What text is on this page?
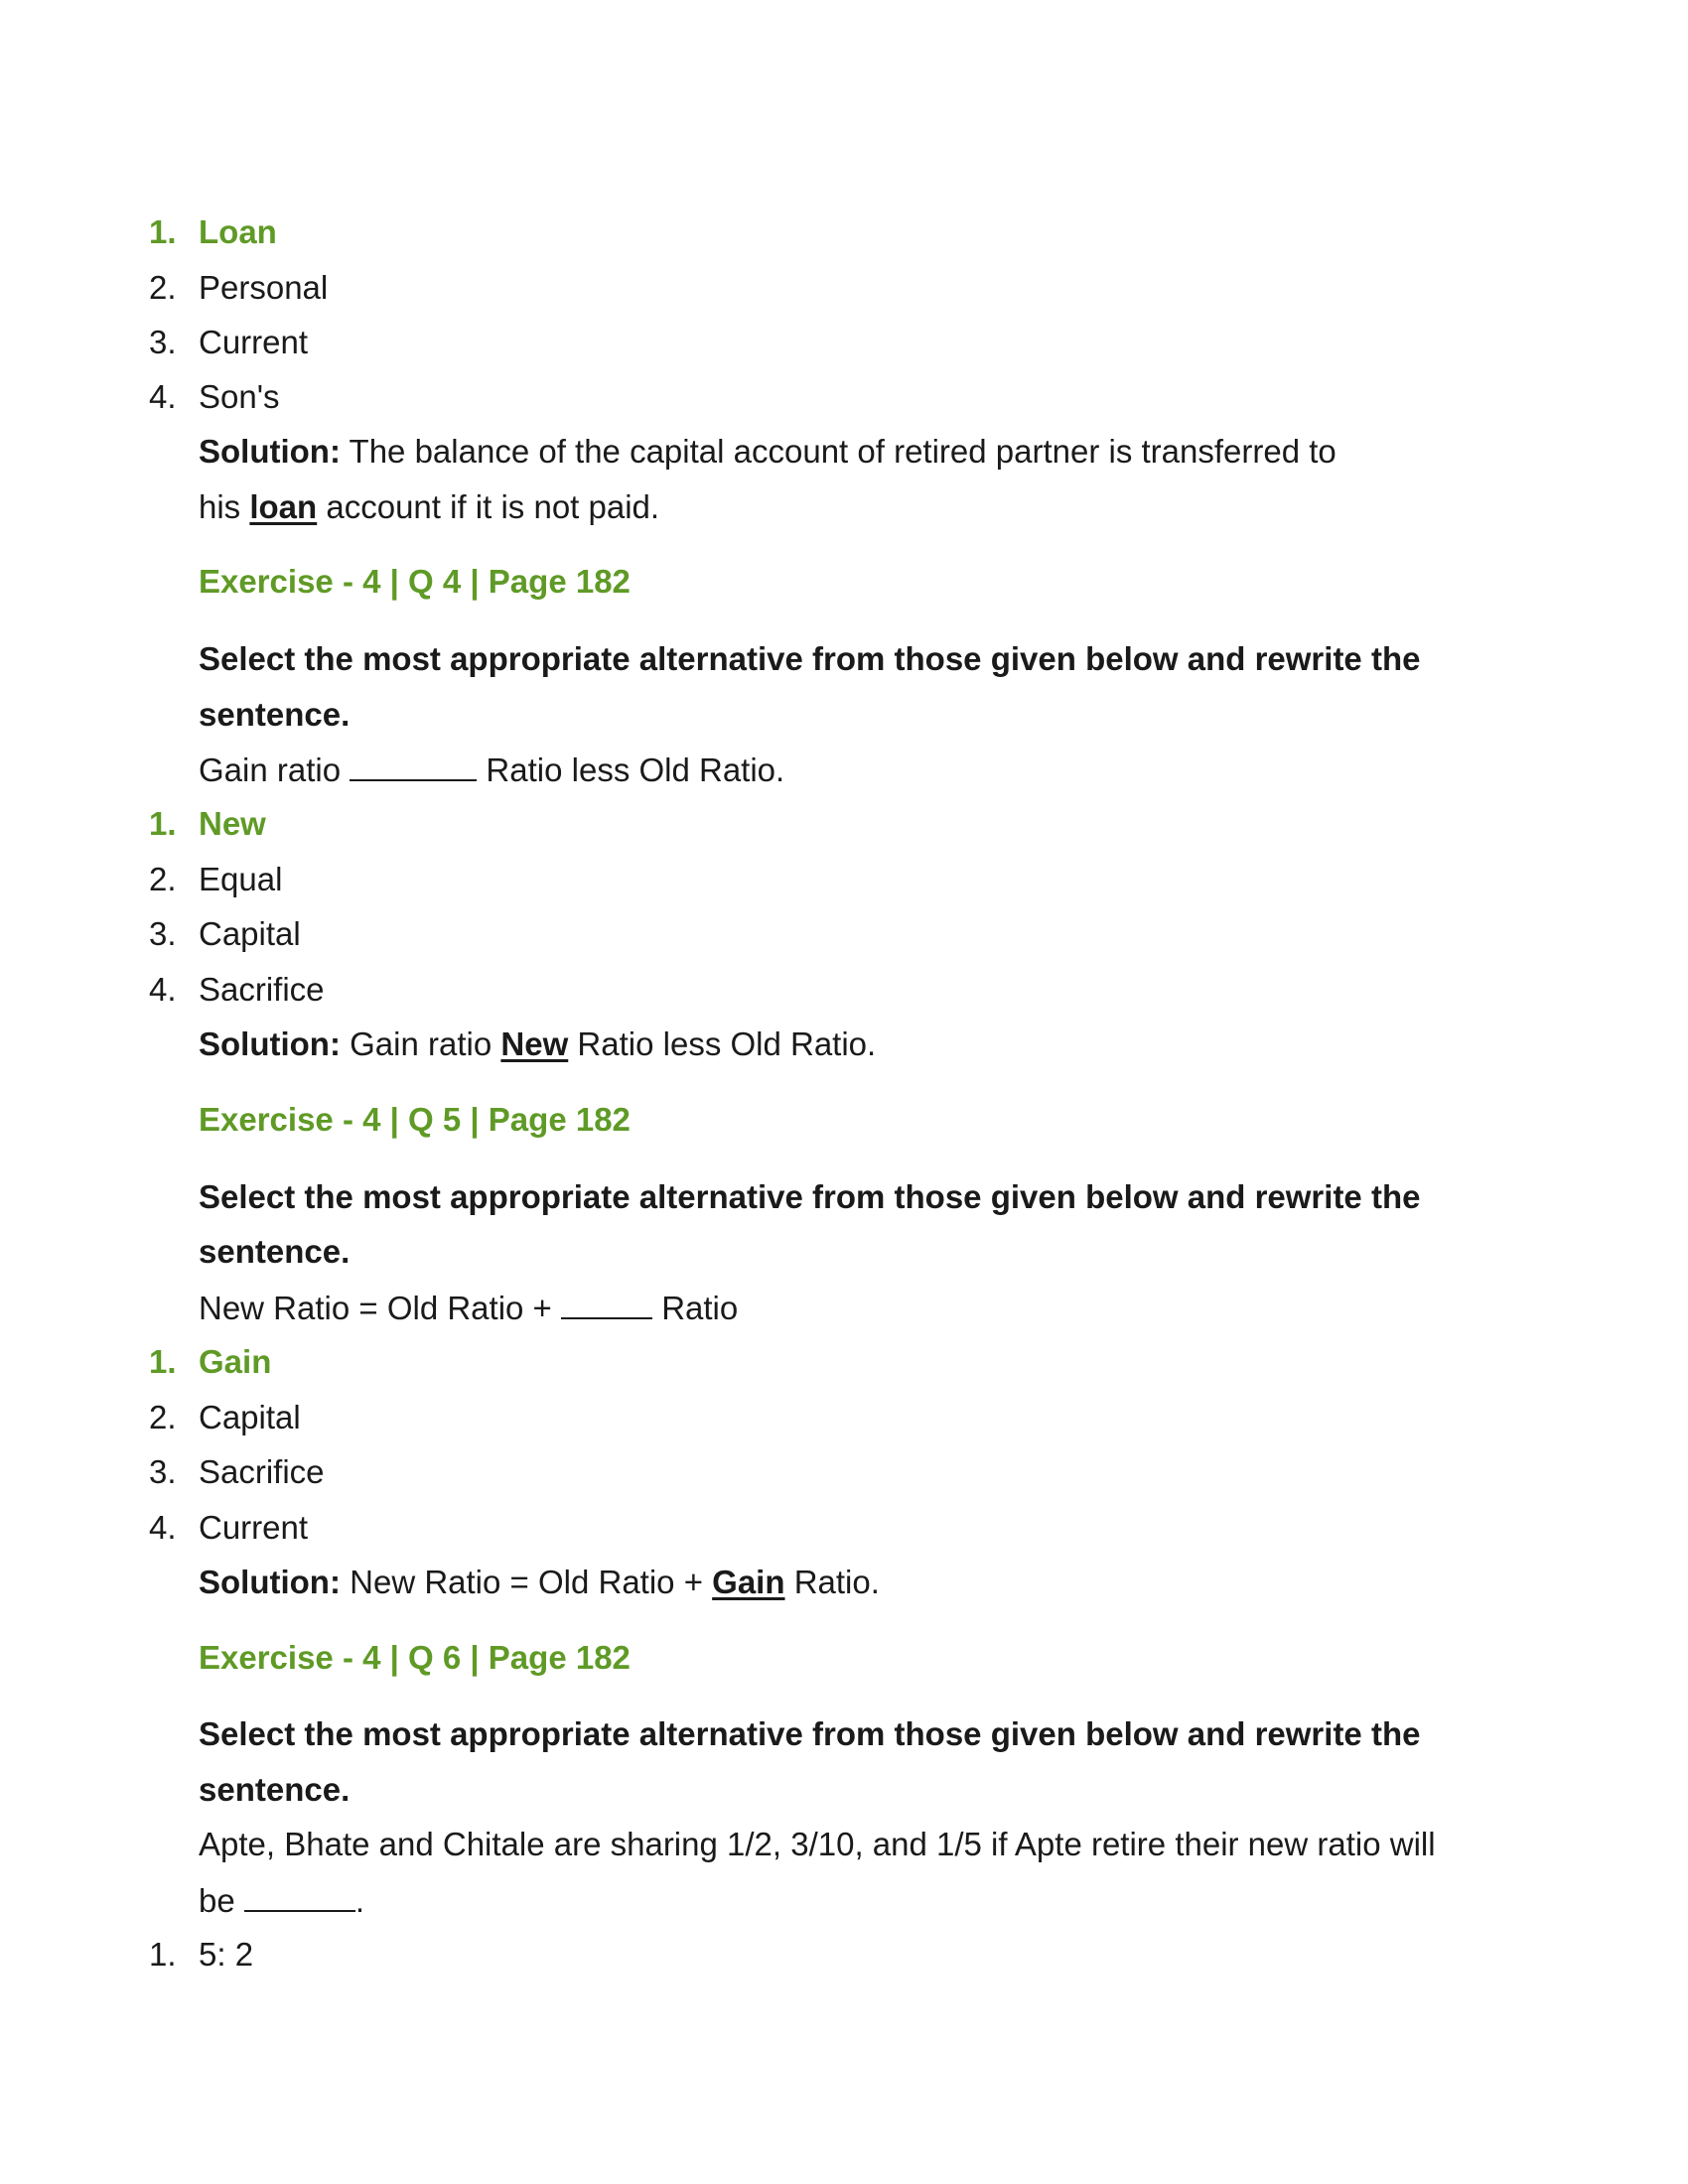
1. Loan
2. Personal
3. Current
4. Son's
Solution: The balance of the capital account of retired partner is transferred to
his loan account if it is not paid.
Exercise - 4 | Q 4 | Page 182
Select the most appropriate alternative from those given below and rewrite the
sentence.
Gain ratio	Ratio less Old Ratio.
1. New
2. Equal
3. Capital
4. Sacrifice
Solution: Gain ratio New Ratio less Old Ratio.
Exercise - 4 | Q 5 | Page 182
Select the most appropriate alternative from those given below and rewrite the
sentence.
New Ratio = Old Ratio +	Ratio
1. Gain
2. Capital
3. Sacrifice
4. Current
Solution: New Ratio = Old Ratio + Gain Ratio.
Exercise - 4 | Q 6 | Page 182
Select the most appropriate alternative from those given below and rewrite the
sentence.
Apte, Bhate and Chitale are sharing 1/2, 3/10, and 1/5 if Apte retire their new ratio will
be	.
1. 5: 2
